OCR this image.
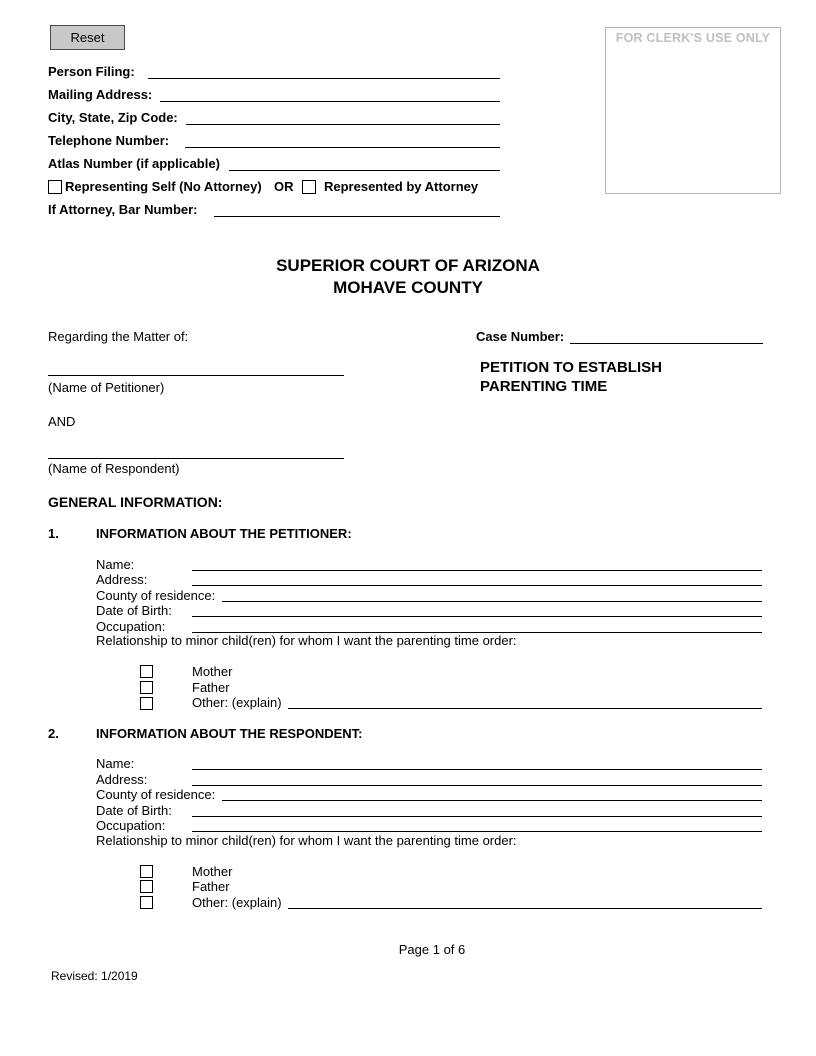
Reset	FOR CLERK'S USE ONLY
Person Filing:
Mailing Address:
City, State, Zip Code:
Telephone Number:
Atlas Number (if applicable)
Representing Self (No Attorney) OR Represented by Attorney
If Attorney, Bar Number:
SUPERIOR COURT OF ARIZONA
MOHAVE COUNTY
Regarding the Matter of:	Case Number:
(Name of Petitioner)
PETITION TO ESTABLISH
PARENTING TIME
AND
(Name of Respondent)
GENERAL INFORMATION:
1.	INFORMATION ABOUT THE PETITIONER:
Name:
Address:
County of residence:
Date of Birth:
Occupation:
Relationship to minor child(ren) for whom I want the parenting time order:
Mother
Father
Other: (explain)
2.	INFORMATION ABOUT THE RESPONDENT:
Name:
Address:
County of residence:
Date of Birth:
Occupation:
Relationship to minor child(ren) for whom I want the parenting time order:
Mother
Father
Other: (explain)
Page 1 of 6
Revised: 1/2019
